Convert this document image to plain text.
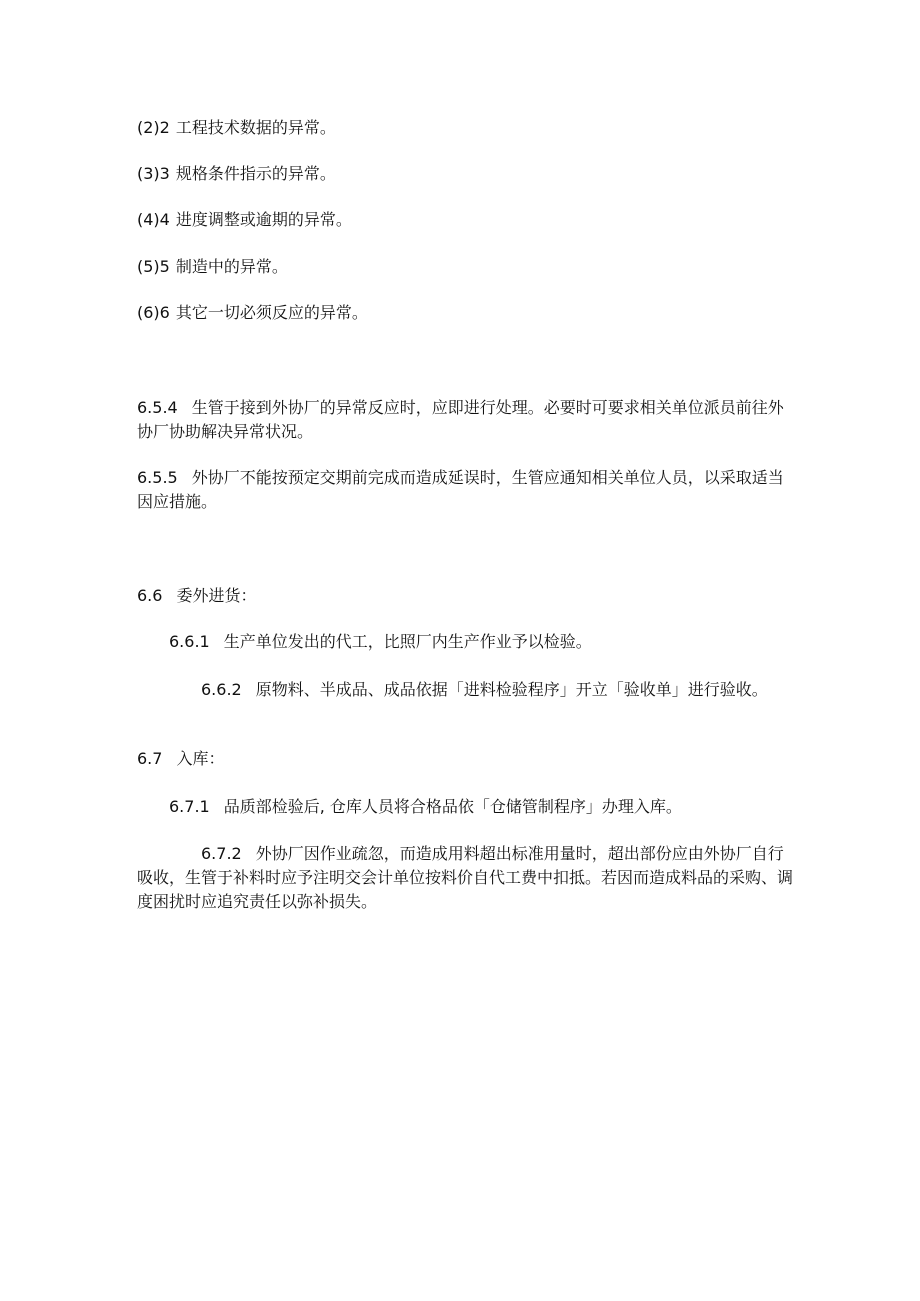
(2)2 工程技术数据的异常。

(3)3 规格条件指示的异常。

(4)4 进度调整或逾期的异常。

(5)5 制造中的异常。

(6)6 其它一切必须反应的异常。

6.5.4 生管于接到外协厂的异常反应时，应即进行处理。必要时可要求相关单位派员前往外协厂协助解决异常状况。

6.5.5 外协厂不能按预定交期前完成而造成延误时，生管应通知相关单位人员，以采取适当因应措施。

6.6 委外进货：

6.6.1 生产单位发出的代工，比照厂内生产作业予以检验。

6.6.2 原物料、半成品、成品依据「进料检验程序」开立「验收单」进行验收。

6.7 入库：

6.7.1 品质部检验后, 仓库人员将合格品依「仓储管制程序」办理入库。

6.7.2 外协厂因作业疏忽，而造成用料超出标准用量时，超出部份应由外协厂自行吸收，生管于补料时应予注明交会计单位按料价自代工费中扣抵。若因而造成料品的采购、调度困扰时应追究责任以弥补损失。
